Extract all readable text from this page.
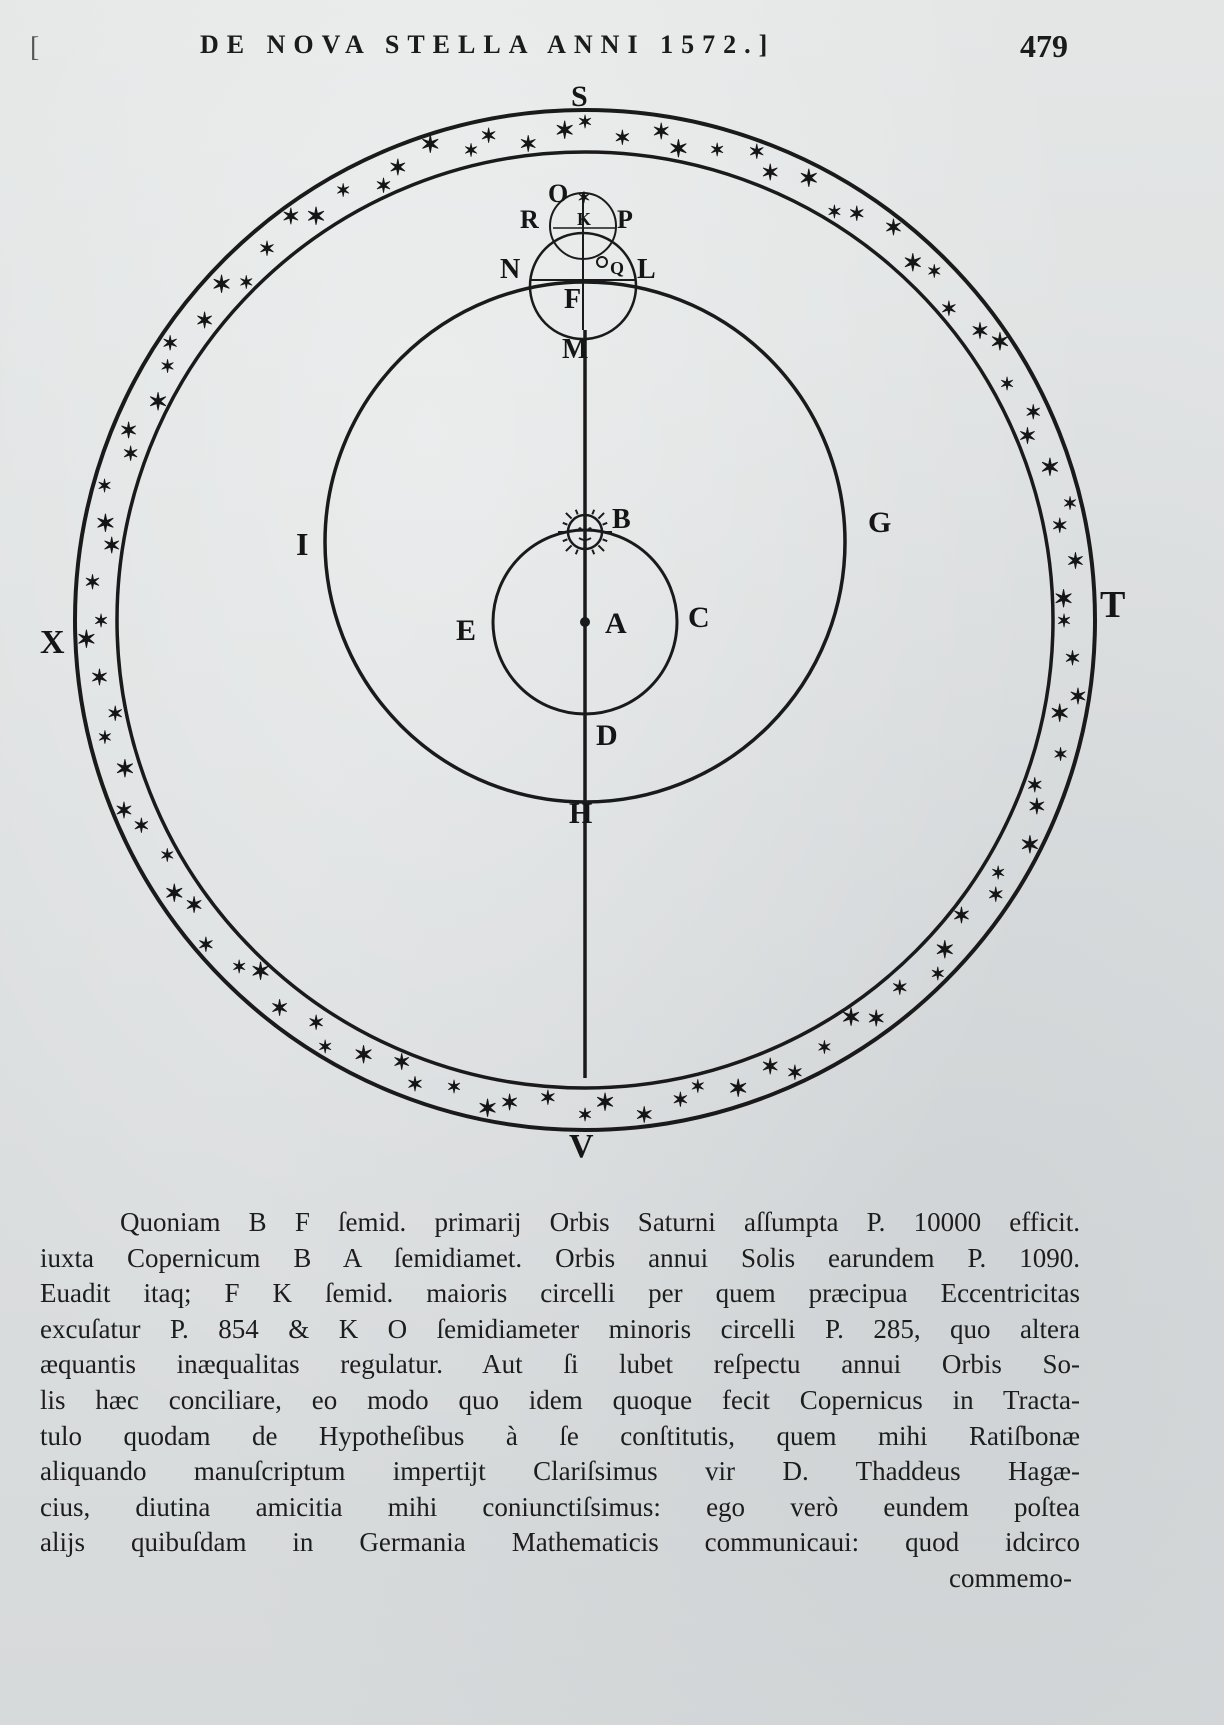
[	DE NOVA STELLA ANNI 1572.]	479
✶
✶
✶
✶
✶
✶
✶
✶
✶
✶
✶
✶
✶
✶
✶
✶
✶
✶
✶
✶
✶
✶
✶
✶
✶
✶
✶
✶
✶
✶
✶
✶
✶
✶
✶
✶
✶
✶
✶
✶
✶
✶
✶
✶
✶
✶
✶
✶
✶
✶
✶
✶
✶
✶
✶
✶
✶
✶
✶
✶ ✶
✶
✶ ✶
✶ ✶
✶
✶ ✶
✶ ✶ ✶ ✶
✶ ✶
✶ ✶ ✶
✶ ✶
✶ ✶
✶
✶ ✶
✶
✶ ✶
✶
✶
✶
✶
✶
✶
✶
✶
✶
S
T
V
X
O
R K P
N	Q L
F
M
I
G
B
E	A C
D
H
Quoniam B F ſemid. primarij Orbis Saturni aſſumpta P. 10000 efficit.
iuxta Copernicum B A ſemidiamet. Orbis annui Solis earundem P. 1090.
Euadit itaq; F K ſemid. maioris circelli per quem præcipua Eccentricitas
excuſatur P. 854 & K O ſemidiameter minoris circelli P. 285, quo altera
æquantis inæqualitas regulatur. Aut ſi lubet reſpectu annui Orbis So-
lis hæc conciliare, eo modo quo idem quoque fecit Copernicus in Tracta-
tulo quodam de Hypotheſibus à ſe conſtitutis, quem mihi Ratiſbonæ
aliquando manuſcriptum impertijt Clariſsimus vir D. Thaddeus Hagæ-
cius, diutina amicitia mihi coniunctiſsimus: ego verò eundem poſtea
alijs quibuſdam in Germania Mathematicis communicaui: quod idcirco
commemo-
